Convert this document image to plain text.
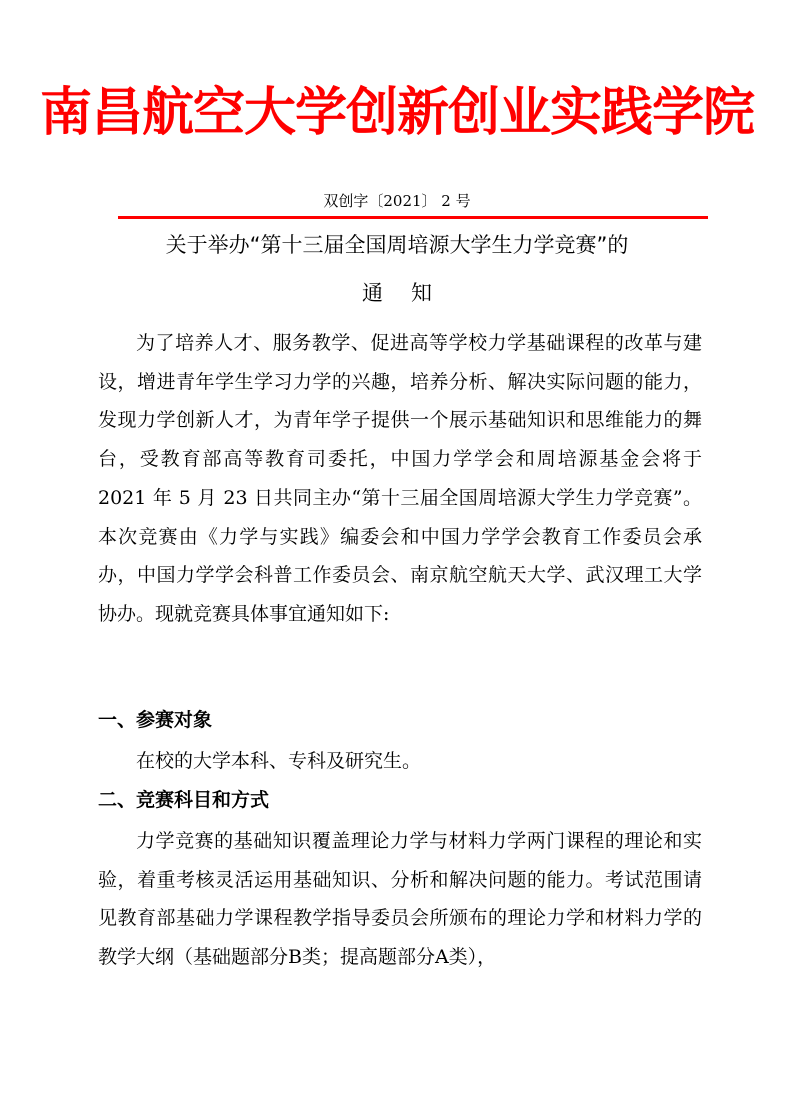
南昌航空大学创新创业实践学院
双创字〔2021〕 2 号
关于举办“第十三届全国周培源大学生力学竞赛”的
通知

为了培养人才、服务教学、促进高等学校力学基础课程的改革与建设，增进青年学生学习力学的兴趣，培养分析、解决实际问题的能力，发现力学创新人才，为青年学子提供一个展示基础知识和思维能力的舞台，受教育部高等教育司委托，中国力学学会和周培源基金会将于 2021 年 5 月 23 日共同主办“第十三届全国周培源大学生力学竞赛”。本次竞赛由《力学与实践》编委会和中国力学学会教育工作委员会承办，中国力学学会科普工作委员会、南京航空航天大学、武汉理工大学协办。现就竞赛具体事宜通知如下:

一、参赛对象

在校的大学本科、专科及研究生。

二、竞赛科目和方式

力学竞赛的基础知识覆盖理论力学与材料力学两门课程的理论和实验，着重考核灵活运用基础知识、分析和解决问题的能力。考试范围请见教育部基础力学课程教学指导委员会所颁布的理论力学和材料力学的教学大纲（基础题部分B类；提高题部分A类），
